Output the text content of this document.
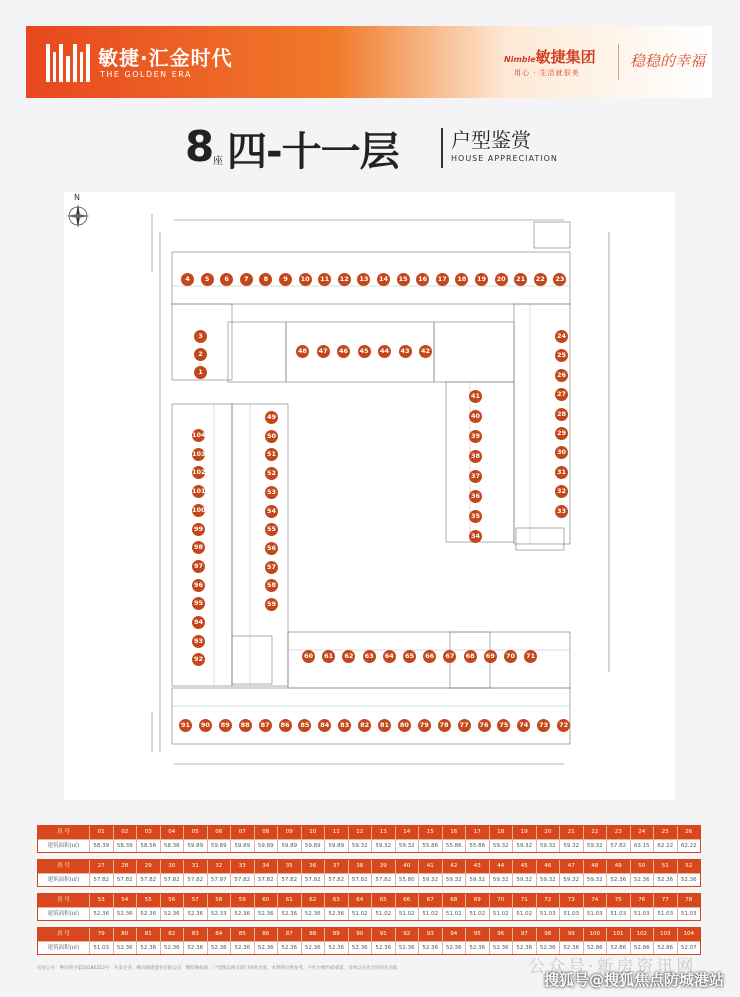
敏捷·汇金时代
THE GOLDEN ERA
Nimble敏捷集团
用心 · 生活就很美
稳稳的幸福
8
座 四-十一层	户型鉴赏
HOUSE APPRECIATION
4	5	6	7	8	9	10	11	12	13	14	15	16	17	18	19	20	21	22	23
3
2
1
48	47	46	45	44	43	42
24
25
26
27
28
29
30
31
32
33
41
40
39
38
37
36
35
34
104
103
102
101
100
99
98
97
96
95
94
93
92
49
50
51
52
53
54
55
56
57
58
59
60	61	62	63	64	65	66	67	68	69	70	71
91	90	89	88	87	86	85	84	83	82	81	80	79	78	77	76	75	74	73	72
N
房 号	01	02	03	04	05	06	07	08	09	10	11	12	13	14	15	16	17	18	19	20	21	22	23	24	25	26
建筑面积(㎡)	58.39	58.39	58.56	58.36	59.89	59.89	59.89	59.89	59.89	59.89	59.89	59.32	59.32	59.32	55.86	55.86	55.86	59.32	59.32	59.32	59.32	59.32	57.82	63.15	62.22	62.22
房 号	27	28	29	30	31	32	33	34	35	36	37	38	39	40	41	42	43	44	45	46	47	48	49	50	51	52
建筑面积(㎡)	57.82	57.82	57.82	57.82	57.82	57.97	57.82	57.82	57.82	57.82	57.82	57.82	57.82	55.80	59.32	59.32	59.32	59.32	59.32	59.32	59.32	59.32	52.36	52.36	52.36	52.36
房 号	53	54	55	56	57	58	59	60	61	62	63	64	65	66	67	68	69	70	71	72	73	74	75	76	77	78
建筑面积(㎡)	52.36	52.36	52.36	52.36	52.36	52.33	52.36	52.36	52.36	52.36	52.36	51.02	51.02	51.02	51.02	51.02	51.02	51.02	51.02	51.03	51.03	51.03	51.03	51.03	51.03	51.03
房 号	79	80	81	82	83	84	85	86	87	88	89	90	91	92	93	94	95	96	97	98	99	100	101	102	103	104
建筑面积(㎡)	51.03	52.36	52.36	52.36	52.36	52.36	52.36	52.36	52.36	52.36	52.36	52.36	52.36	52.36	52.36	52.36	52.36	52.36	52.36	52.36	52.36	52.86	52.86	52.86	52.86	52.07
房屋公号：粤房预字第20180213号　开发企业：佛山敏捷置业有限公司　精装修标准、户型图以相关部门审批为准，本资料仅供参考，不作为要约或承诺，具体以买卖合同约定为准	公众号·新房资讯网
搜狐号@搜狐焦点防城港站
